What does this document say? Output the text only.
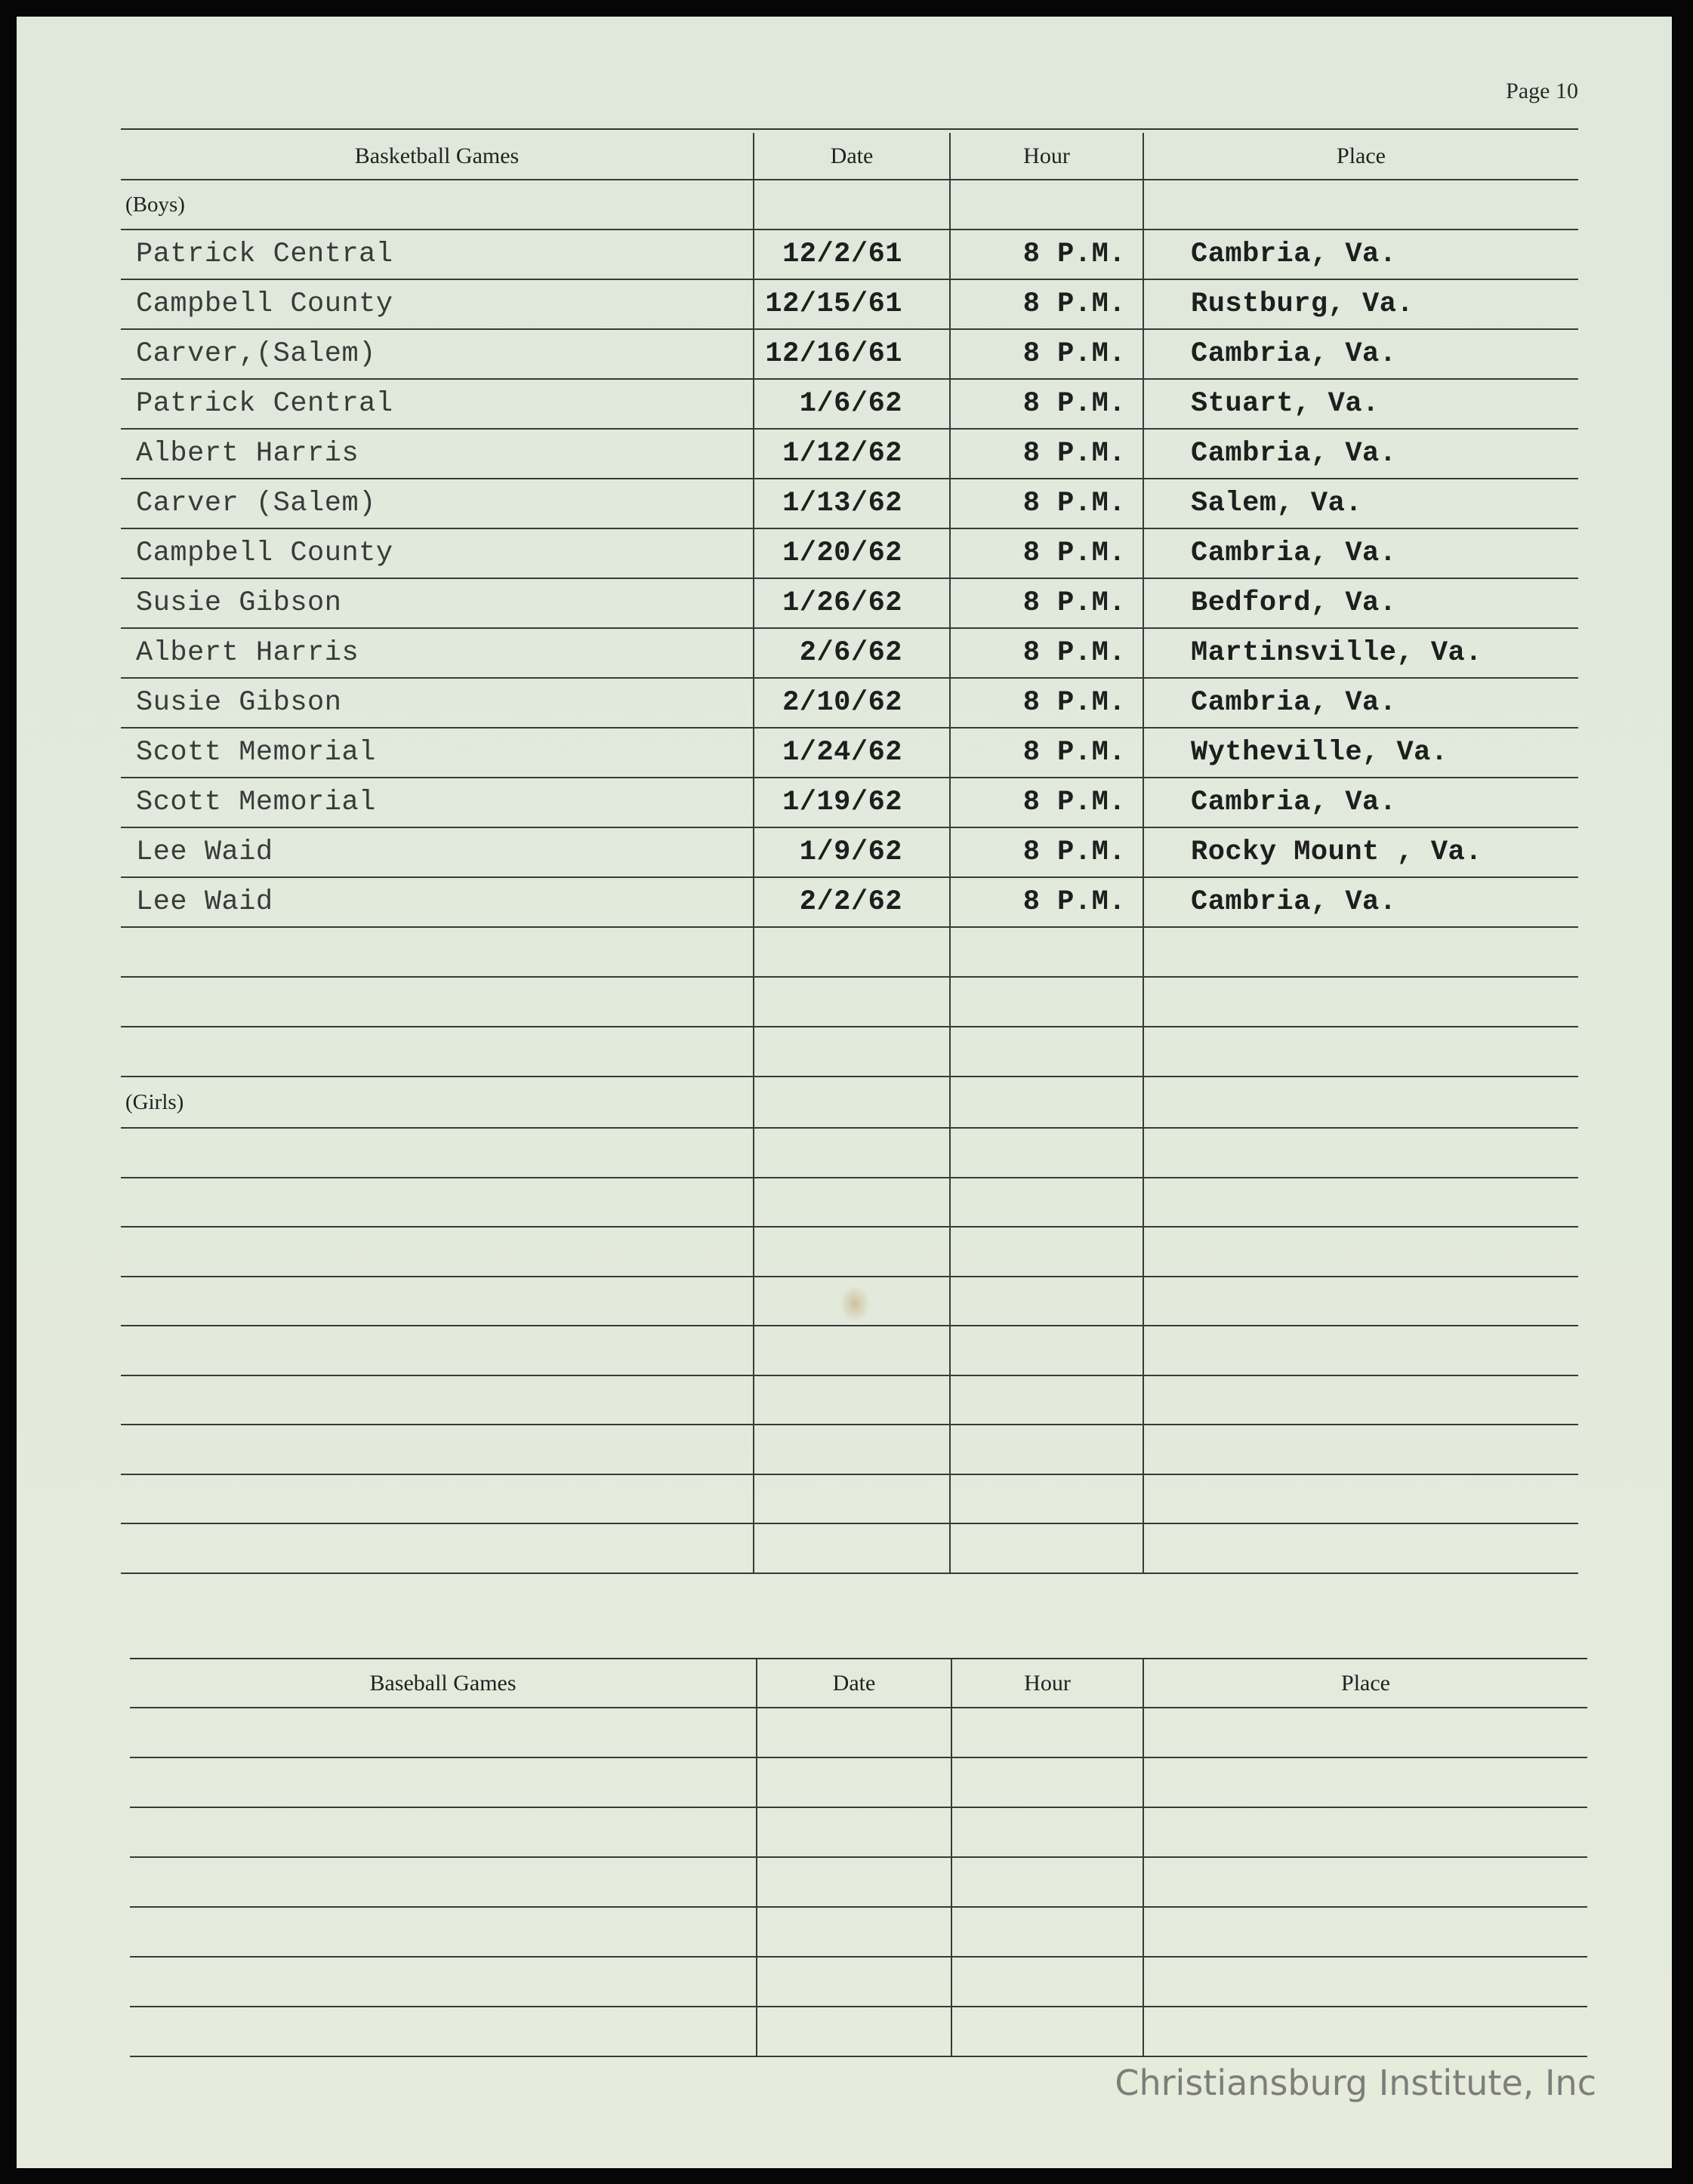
Page 10
Basketball Games	Date	Hour	Place
(Boys)			
Patrick Central	12/2/61	8 P.M.	Cambria, Va.
Campbell County	12/15/61	8 P.M.	Rustburg, Va.
Carver,(Salem)	12/16/61	8 P.M.	Cambria, Va.
Patrick Central	1/6/62	8 P.M.	Stuart, Va.
Albert Harris	1/12/62	8 P.M.	Cambria, Va.
Carver (Salem)	1/13/62	8 P.M.	Salem, Va.
Campbell County	1/20/62	8 P.M.	Cambria, Va.
Susie Gibson	1/26/62	8 P.M.	Bedford, Va.
Albert Harris	2/6/62	8 P.M.	Martinsville, Va.
Susie Gibson	2/10/62	8 P.M.	Cambria, Va.
Scott Memorial	1/24/62	8 P.M.	Wytheville, Va.
Scott Memorial	1/19/62	8 P.M.	Cambria, Va.
Lee Waid	1/9/62	8 P.M.	Rocky Mount , Va.
Lee Waid	2/2/62	8 P.M.	Cambria, Va.

(Girls)			

Baseball Games	Date	Hour	Place

Christiansburg Institute, Inc
